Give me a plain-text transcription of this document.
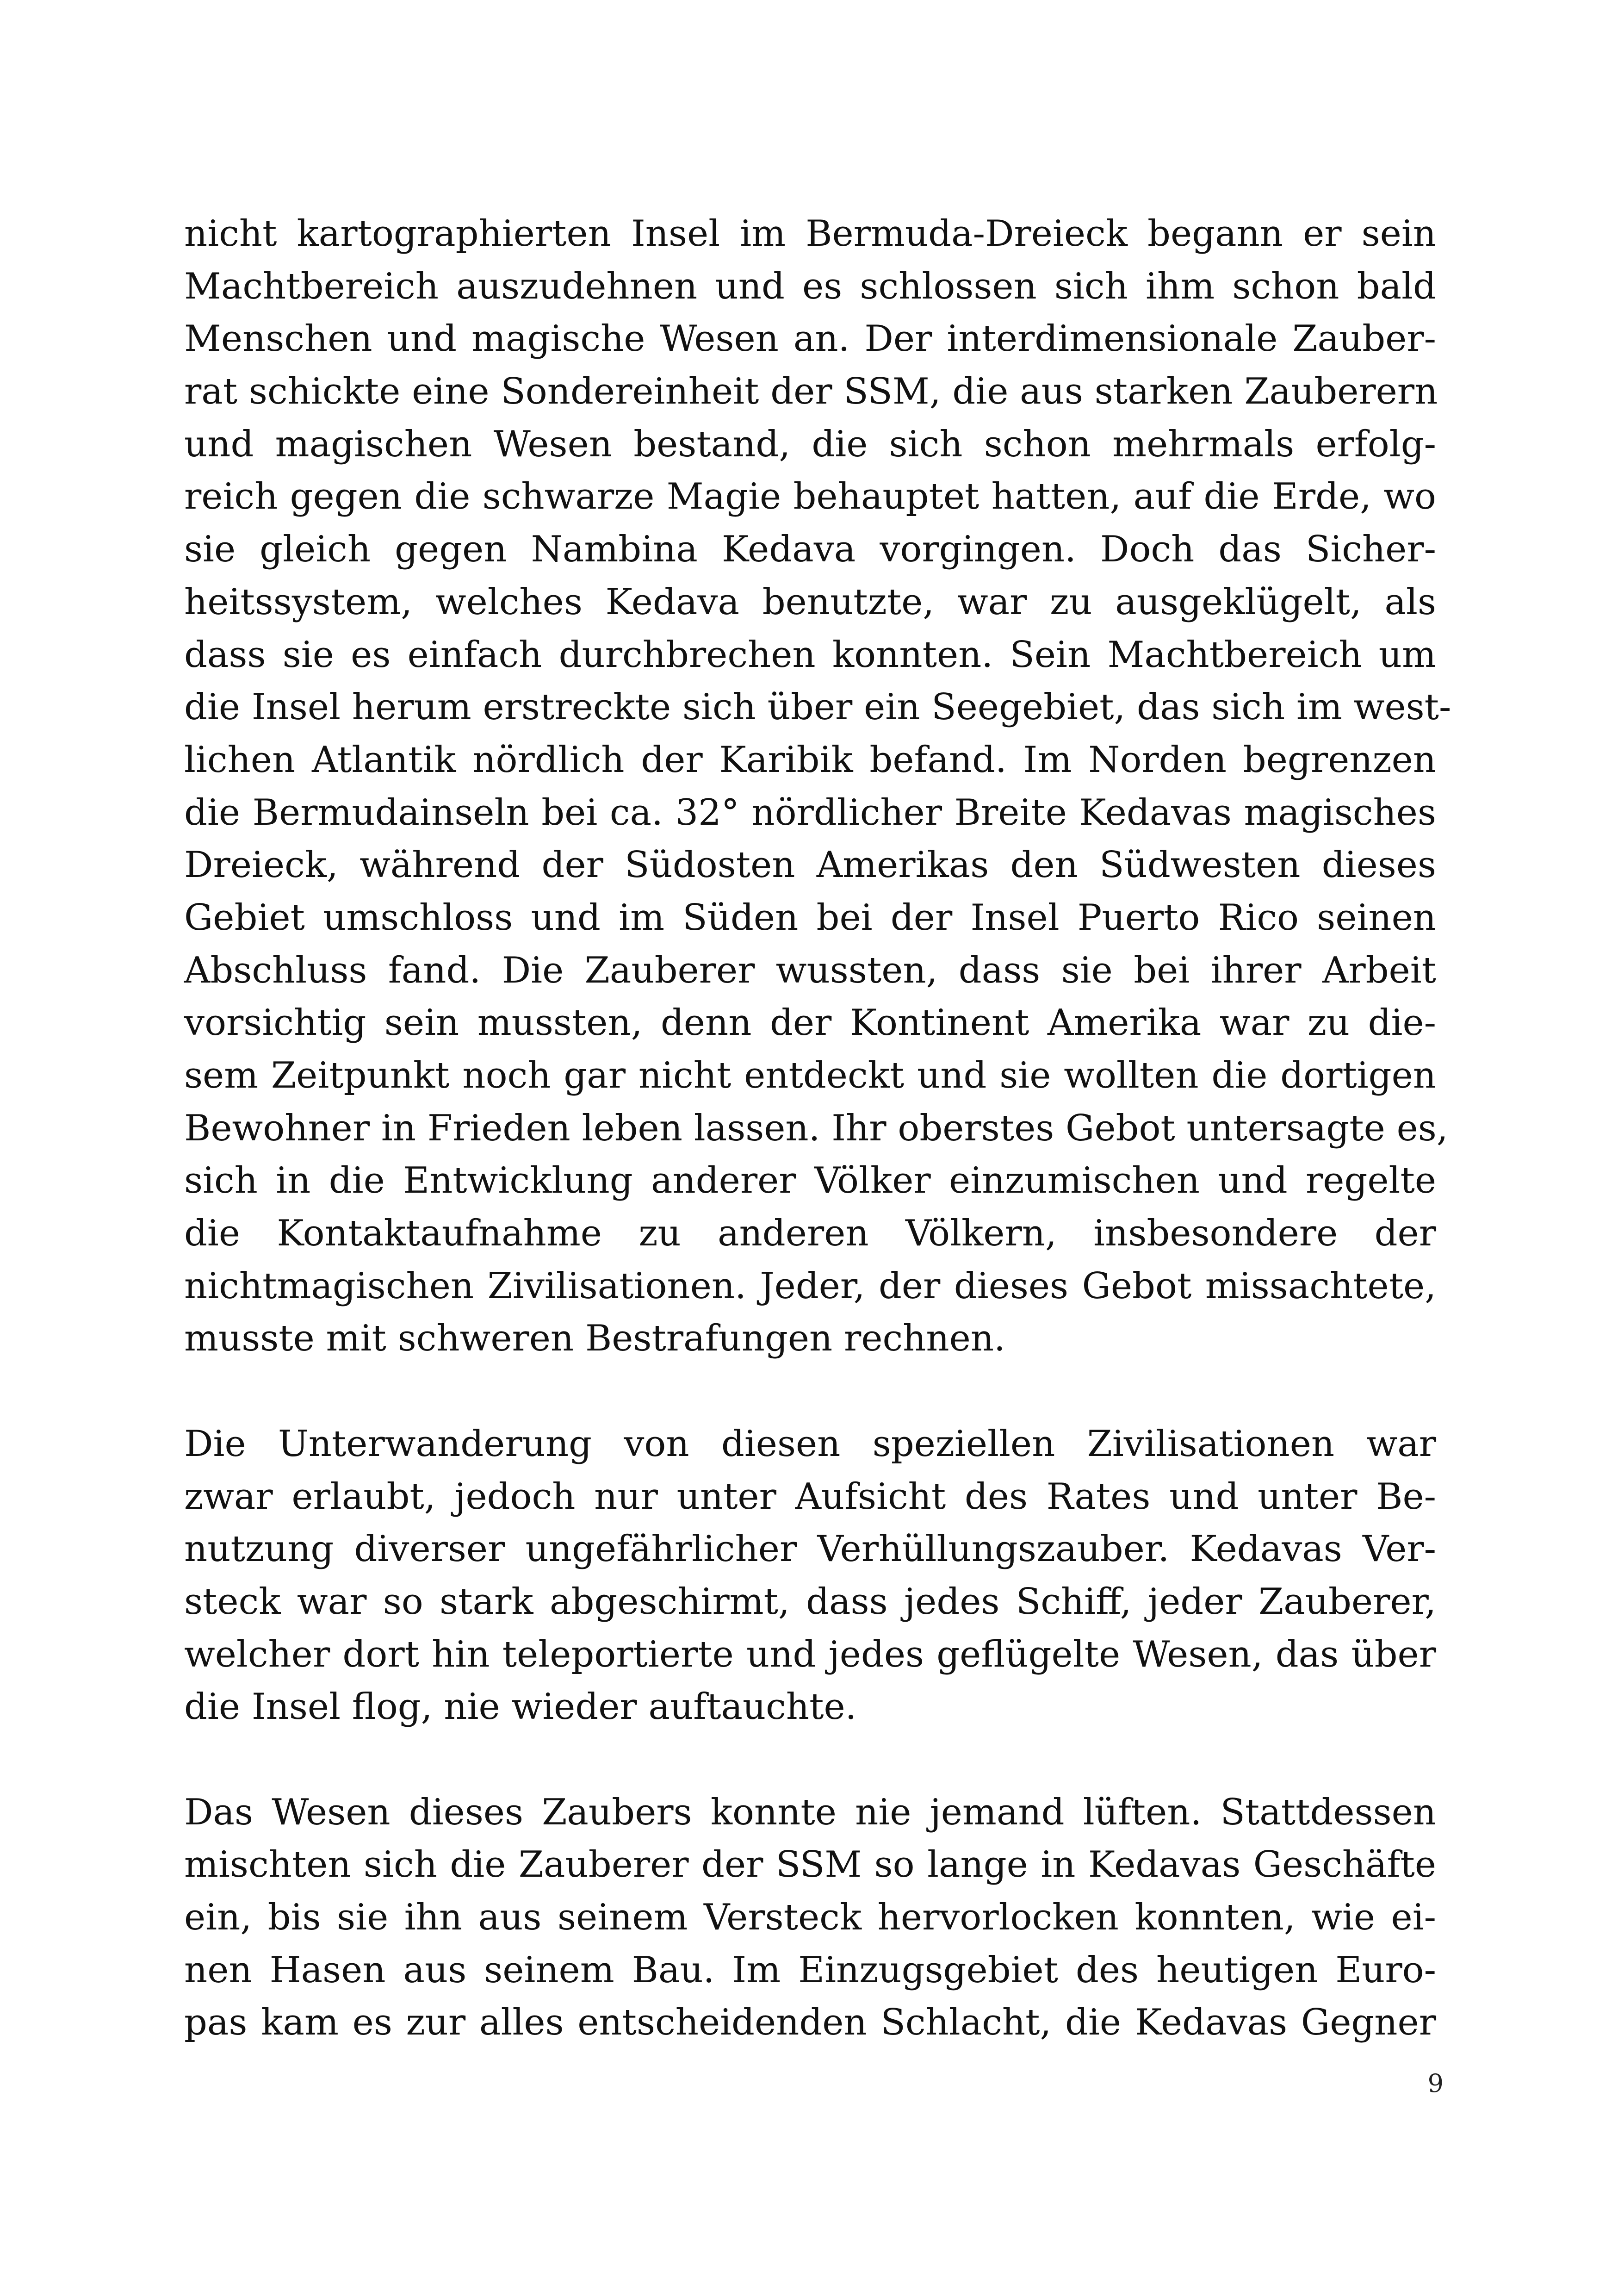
nicht kartographierten Insel im Bermuda-Dreieck begann er sein
Machtbereich auszudehnen und es schlossen sich ihm schon bald
Menschen und magische Wesen an. Der interdimensionale Zauber-
rat schickte eine Sondereinheit der SSM, die aus starken Zauberern
und magischen Wesen bestand, die sich schon mehrmals erfolg-
reich gegen die schwarze Magie behauptet hatten, auf die Erde, wo
sie gleich gegen Nambina Kedava vorgingen. Doch das Sicher-
heitssystem, welches Kedava benutzte, war zu ausgeklügelt, als
dass sie es einfach durchbrechen konnten. Sein Machtbereich um
die Insel herum erstreckte sich über ein Seegebiet, das sich im west-
lichen Atlantik nördlich der Karibik befand. Im Norden begrenzen
die Bermudainseln bei ca. 32° nördlicher Breite Kedavas magisches
Dreieck, während der Südosten Amerikas den Südwesten dieses
Gebiet umschloss und im Süden bei der Insel Puerto Rico seinen
Abschluss fand. Die Zauberer wussten, dass sie bei ihrer Arbeit
vorsichtig sein mussten, denn der Kontinent Amerika war zu die-
sem Zeitpunkt noch gar nicht entdeckt und sie wollten die dortigen
Bewohner in Frieden leben lassen. Ihr oberstes Gebot untersagte es,
sich in die Entwicklung anderer Völker einzumischen und regelte
die Kontaktaufnahme zu anderen Völkern, insbesondere der
nichtmagischen Zivilisationen. Jeder, der dieses Gebot missachtete,
musste mit schweren Bestrafungen rechnen.
Die Unterwanderung von diesen speziellen Zivilisationen war
zwar erlaubt, jedoch nur unter Aufsicht des Rates und unter Be-
nutzung diverser ungefährlicher Verhüllungszauber. Kedavas Ver-
steck war so stark abgeschirmt, dass jedes Schiff, jeder Zauberer,
welcher dort hin teleportierte und jedes geflügelte Wesen, das über
die Insel flog, nie wieder auftauchte.
Das Wesen dieses Zaubers konnte nie jemand lüften. Stattdessen
mischten sich die Zauberer der SSM so lange in Kedavas Geschäfte
ein, bis sie ihn aus seinem Versteck hervorlocken konnten, wie ei-
nen Hasen aus seinem Bau. Im Einzugsgebiet des heutigen Euro-
pas kam es zur alles entscheidenden Schlacht, die Kedavas Gegner
9
